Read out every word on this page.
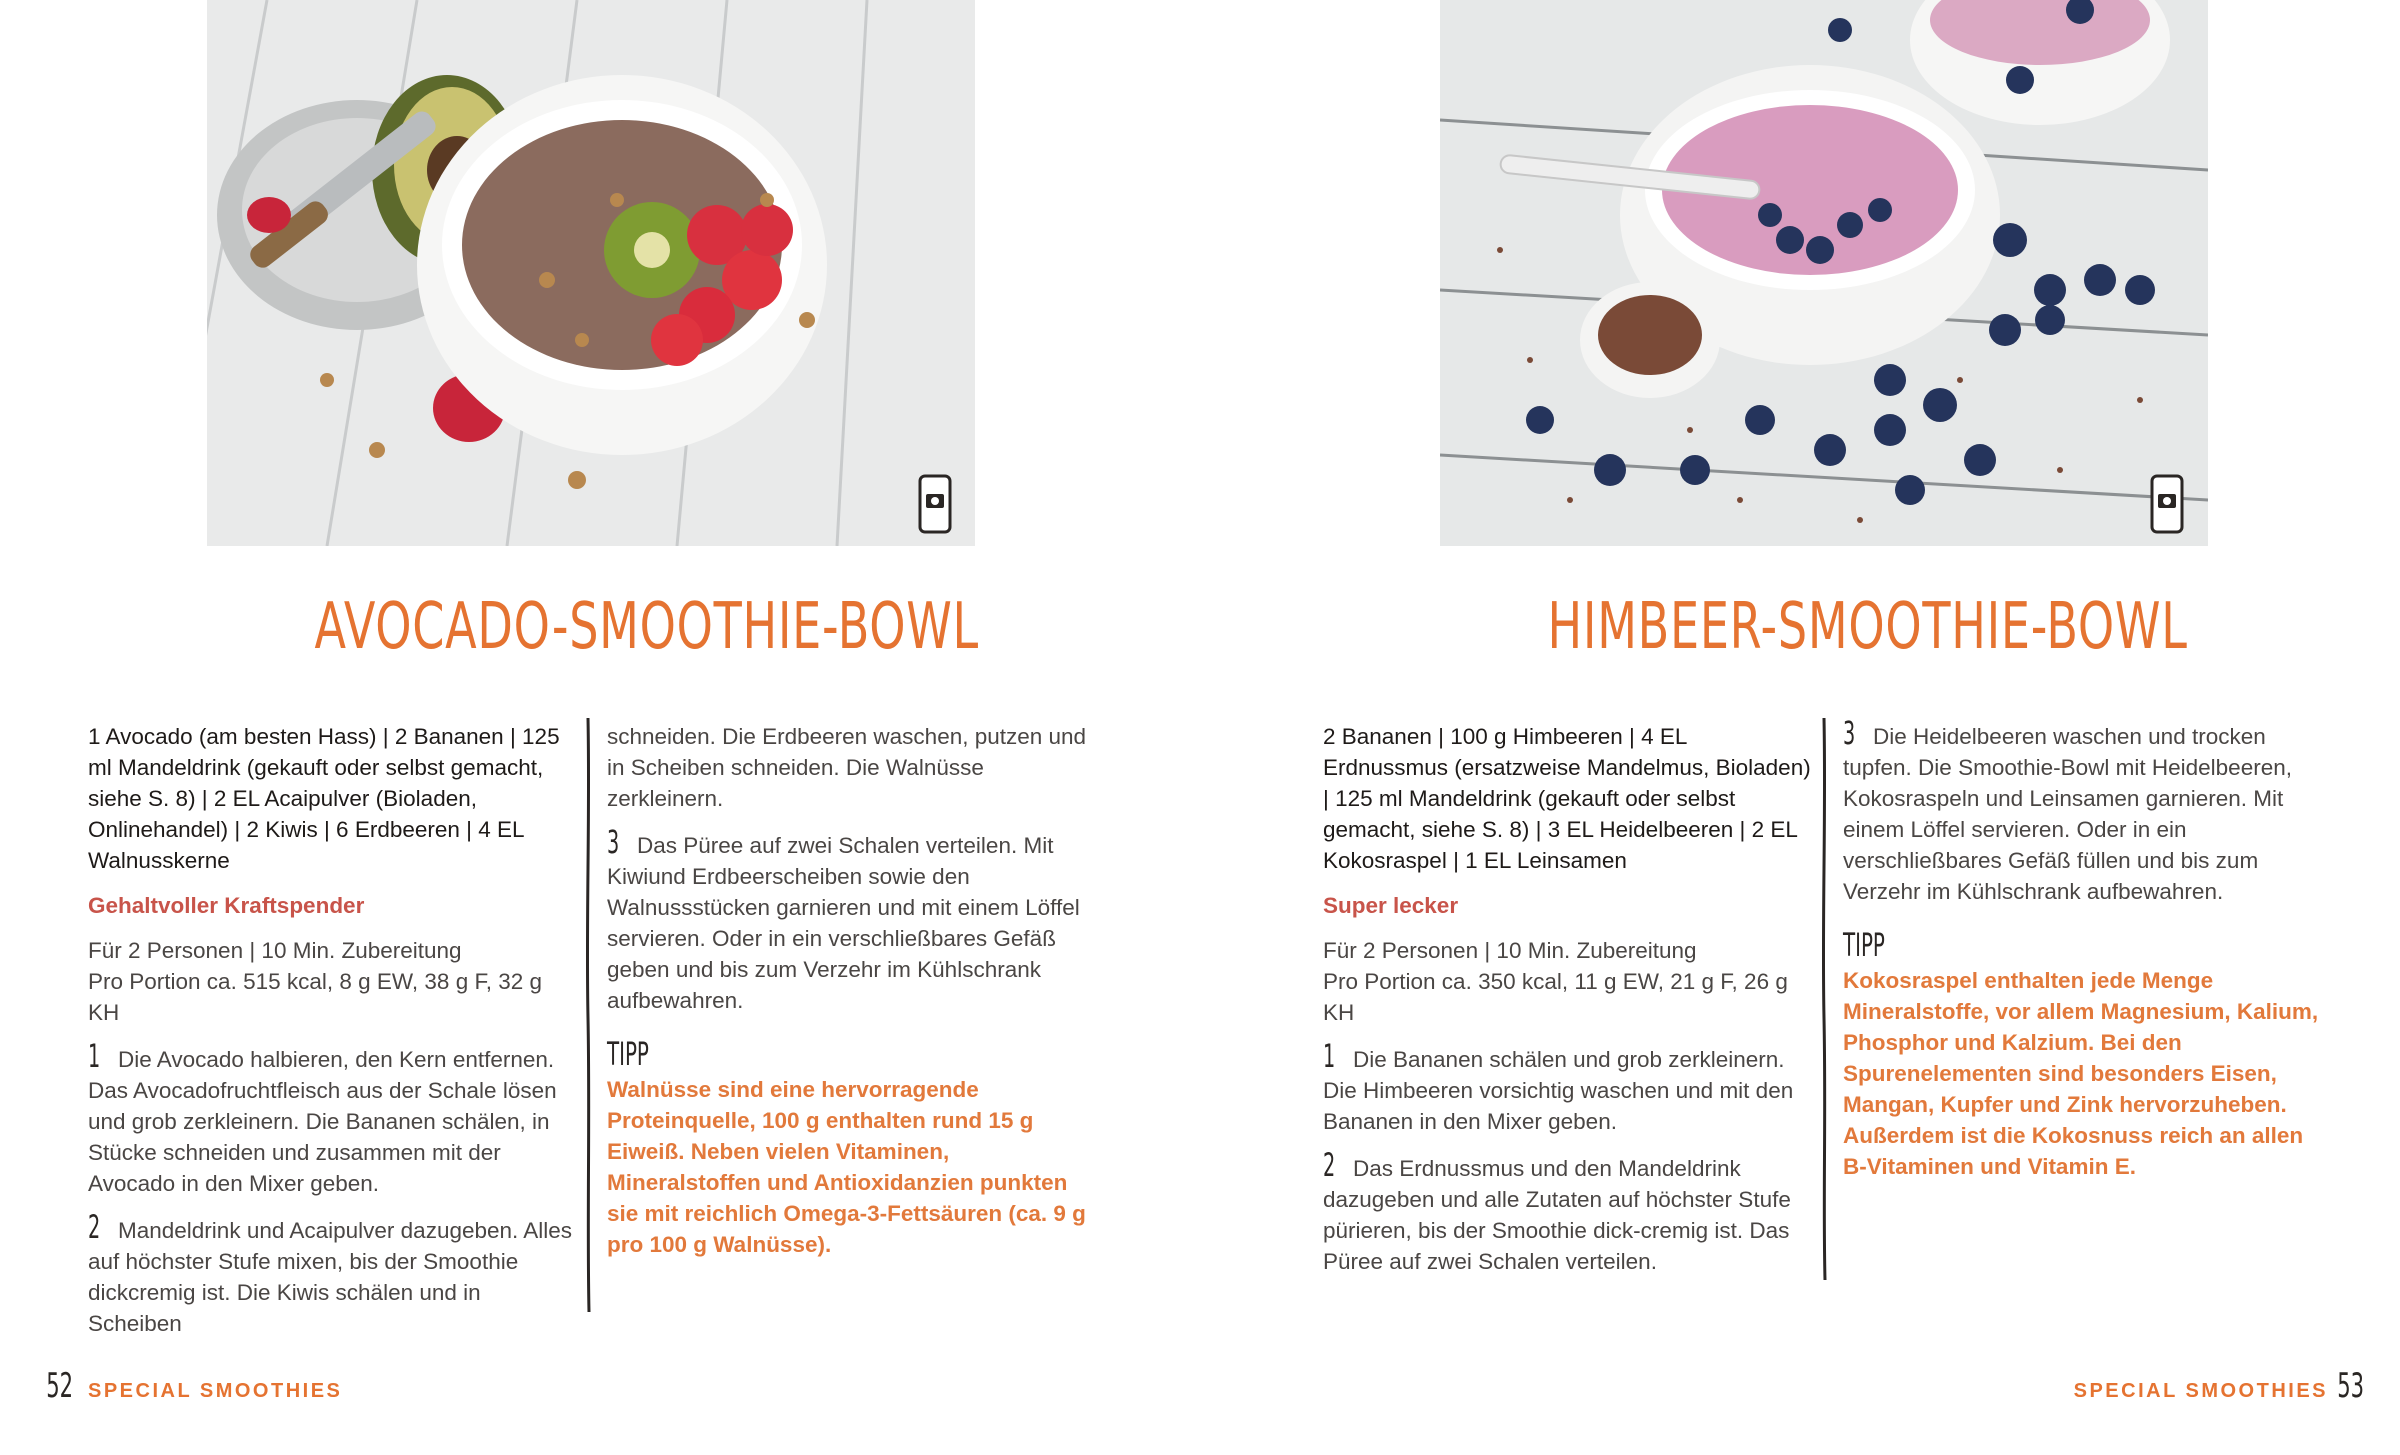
AVOCADO-SMOOTHIE-BOWL	HIMBEER-SMOOTHIE-BOWL

1 Avocado (am besten Hass) | 2 Bananen | 125 ml Mandeldrink (gekauft oder selbst gemacht, siehe S. 8) | 2 EL Acaipulver (Bioladen, Onlinehandel) | 2 Kiwis | 6 Erdbeeren | 4 EL Walnusskerne

Gehaltvoller Kraftspender

Für 2 Personen | 10 Min. Zubereitung

Pro Portion ca. 515 kcal, 8 g EW, 38 g F, 32 g KH

1 Die Avocado halbieren, den Kern entfernen. Das Avocadofruchtfleisch aus der Schale lösen und grob zerkleinern. Die Bananen schälen, in Stücke schneiden und zusammen mit der Avocado in den Mixer geben.

2 Mandeldrink und Acaipulver dazugeben. Alles auf höchster Stufe mixen, bis der Smoothie dickcremig ist. Die Kiwis schälen und in Scheiben

schneiden. Die Erdbeeren waschen, putzen und in Scheiben schneiden. Die Walnüsse zerkleinern.

3 Das Püree auf zwei Schalen verteilen. Mit Kiwiund Erdbeerscheiben sowie den Walnussstücken garnieren und mit einem Löffel servieren. Oder in ein verschließbares Gefäß geben und bis zum Verzehr im Kühlschrank aufbewahren.

TIPP

Walnüsse sind eine hervorragende Proteinquelle, 100 g enthalten rund 15 g Eiweiß. Neben vielen Vitaminen, Mineralstoffen und Antioxidanzien punkten sie mit reichlich Omega-3-Fettsäuren (ca. 9 g pro 100 g Walnüsse).

2 Bananen | 100 g Himbeeren | 4 EL Erdnussmus (ersatzweise Mandelmus, Bioladen) | 125 ml Mandeldrink (gekauft oder selbst gemacht, siehe S. 8) | 3 EL Heidelbeeren | 2 EL Kokosraspel | 1 EL Leinsamen

Super lecker

Für 2 Personen | 10 Min. Zubereitung

Pro Portion ca. 350 kcal, 11 g EW, 21 g F, 26 g KH

1 Die Bananen schälen und grob zerkleinern. Die Himbeeren vorsichtig waschen und mit den Bananen in den Mixer geben.

2 Das Erdnussmus und den Mandeldrink dazugeben und alle Zutaten auf höchster Stufe pürieren, bis der Smoothie dick-cremig ist. Das Püree auf zwei Schalen verteilen.

3 Die Heidelbeeren waschen und trocken tupfen. Die Smoothie-Bowl mit Heidelbeeren, Kokosraspeln und Leinsamen garnieren. Mit einem Löffel servieren. Oder in ein verschließbares Gefäß füllen und bis zum Verzehr im Kühlschrank aufbewahren.

TIPP

Kokosraspel enthalten jede Menge Mineralstoffe, vor allem Magnesium, Kalium, Phosphor und Kalzium. Bei den Spurenelementen sind besonders Eisen, Mangan, Kupfer und Zink hervorzuheben. Außerdem ist die Kokosnuss reich an allen B-Vitaminen und Vitamin E.

52 SPECIAL SMOOTHIES	SPECIAL SMOOTHIES 53
